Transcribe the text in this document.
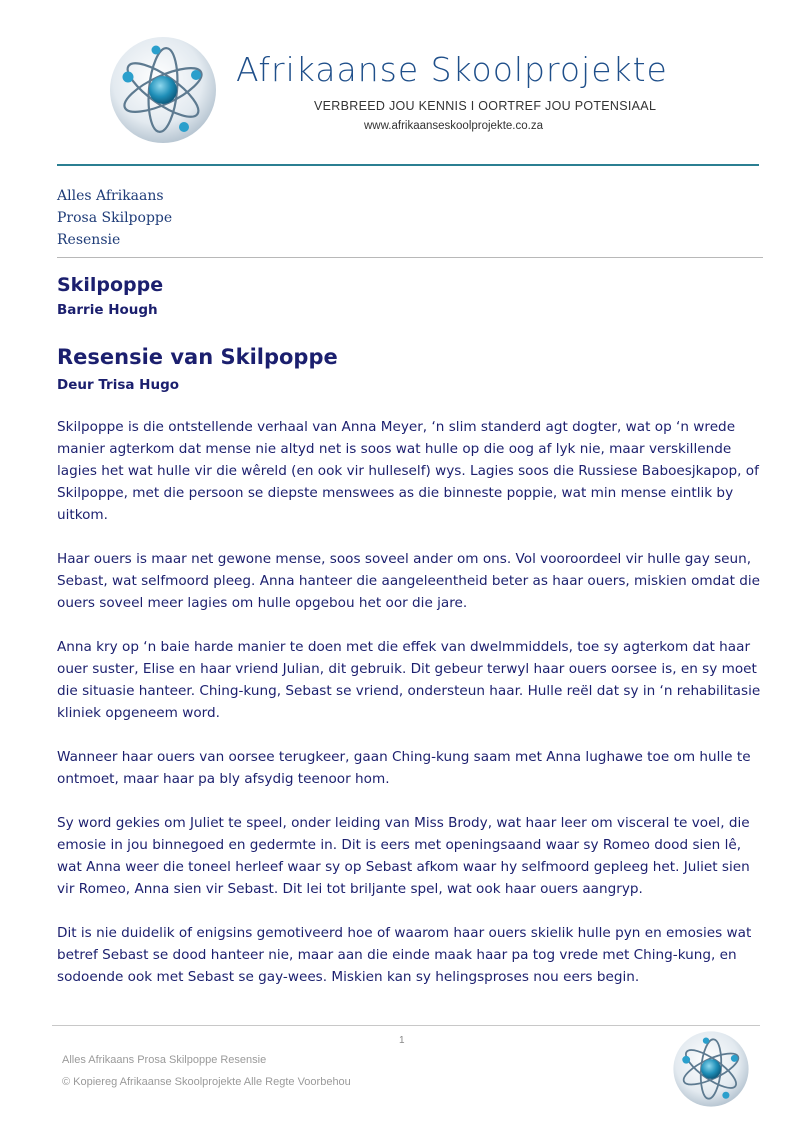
Afrikaanse Skoolprojekte
VERBREED JOU KENNIS I OORTREF JOU POTENSIAAL
www.afrikaanseskoolprojekte.co.za
Alles Afrikaans
Prosa Skilpoppe
Resensie
Skilpoppe
Barrie Hough
Resensie van Skilpoppe
Deur Trisa Hugo

Skilpoppe is die ontstellende verhaal van Anna Meyer, ‘n slim standerd agt dogter, wat op ‘n wrede manier agterkom dat mense nie altyd net is soos wat hulle op die oog af lyk nie, maar verskillende lagies het wat hulle vir die wêreld (en ook vir hulleself) wys. Lagies soos die Russiese Baboesjkapop, of Skilpoppe, met die persoon se diepste menswees as die binneste poppie, wat min mense eintlik by uitkom.

Haar ouers is maar net gewone mense, soos soveel ander om ons. Vol vooroordeel vir hulle gay seun, Sebast, wat selfmoord pleeg. Anna hanteer die aangeleentheid beter as haar ouers, miskien omdat die ouers soveel meer lagies om hulle opgebou het oor die jare.

Anna kry op ‘n baie harde manier te doen met die effek van dwelmmiddels, toe sy agterkom dat haar ouer suster, Elise en haar vriend Julian, dit gebruik. Dit gebeur terwyl haar ouers oorsee is, en sy moet die situasie hanteer. Ching-kung, Sebast se vriend, ondersteun haar. Hulle reël dat sy in ‘n rehabilitasie kliniek opgeneem word.

Wanneer haar ouers van oorsee terugkeer, gaan Ching-kung saam met Anna lughawe toe om hulle te ontmoet, maar haar pa bly afsydig teenoor hom.

Sy word gekies om Juliet te speel, onder leiding van Miss Brody, wat haar leer om visceral te voel, die emosie in jou binnegoed en gedermte in. Dit is eers met openingsaand waar sy Romeo dood sien lê, wat Anna weer die toneel herleef waar sy op Sebast afkom waar hy selfmoord gepleeg het. Juliet sien vir Romeo, Anna sien vir Sebast. Dit lei tot briljante spel, wat ook haar ouers aangryp.

Dit is nie duidelik of enigsins gemotiveerd hoe of waarom haar ouers skielik hulle pyn en emosies wat betref Sebast se dood hanteer nie, maar aan die einde maak haar pa tog vrede met Ching-kung, en sodoende ook met Sebast se gay-wees. Miskien kan sy helingsproses nou eers begin.

1
Alles Afrikaans Prosa Skilpoppe Resensie
© Kopiereg Afrikaanse Skoolprojekte Alle Regte Voorbehou
